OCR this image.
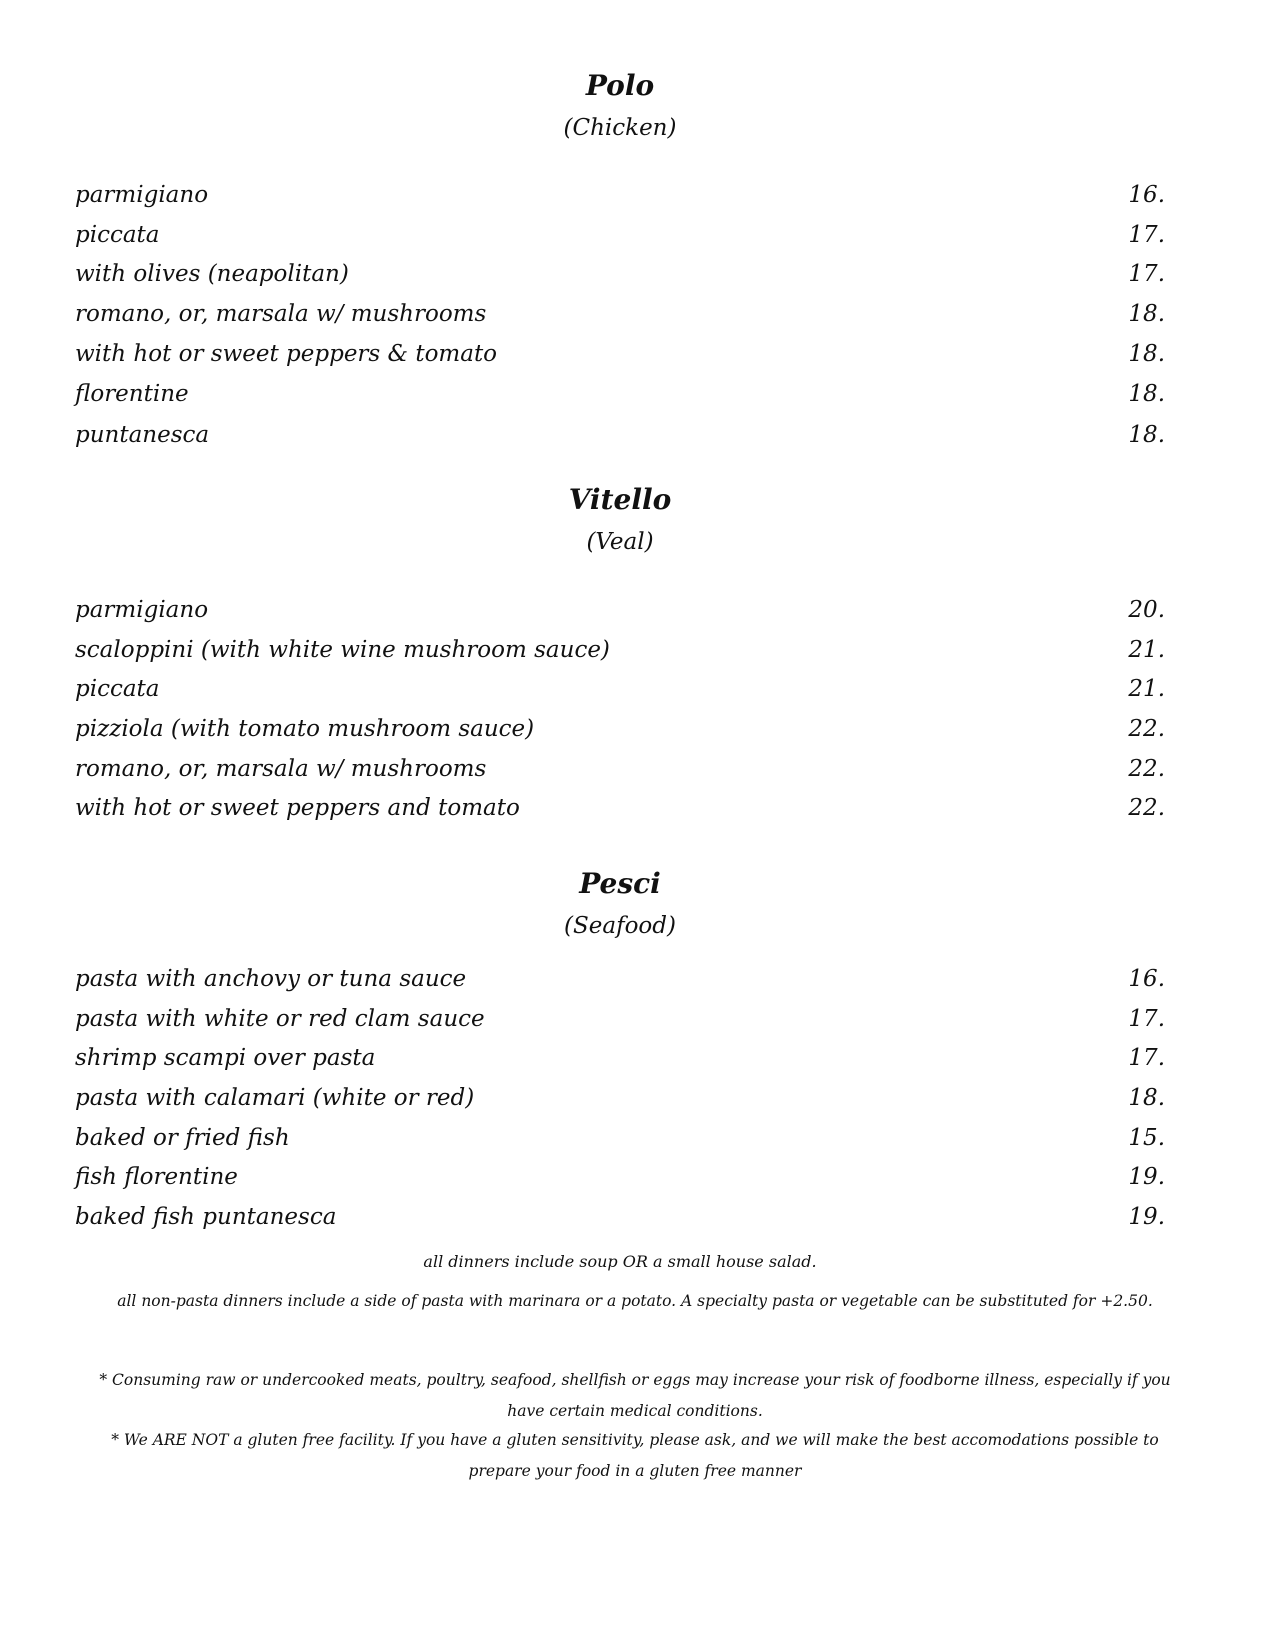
Polo
(Chicken)
parmigiano	16.
piccata	17.
with olives (neapolitan)	17.
romano, or, marsala w/ mushrooms	18.
with hot or sweet peppers & tomato	18.
florentine	18.
puntanesca	18.
Vitello
(Veal)
parmigiano	20.
scaloppini (with white wine mushroom sauce)	21.
piccata	21.
pizziola (with tomato mushroom sauce)	22.
romano, or, marsala w/ mushrooms	22.
with hot or sweet peppers and tomato	22.
Pesci
(Seafood)
pasta with anchovy or tuna sauce	16.
pasta with white or red clam sauce	17.
shrimp scampi over pasta	17.
pasta with calamari (white or red)	18.
baked or fried fish	15.
fish florentine	19.
baked fish puntanesca	19.
all dinners include soup OR a small house salad.
all non-pasta dinners include a side of pasta with marinara or a potato. A specialty pasta or vegetable can be substituted for +2.50.
* Consuming raw or undercooked meats, poultry, seafood, shellfish or eggs may increase your risk of foodborne illness, especially if you
have certain medical conditions.
* We ARE NOT a gluten free facility. If you have a gluten sensitivity, please ask, and we will make the best accomodations possible to
prepare your food in a gluten free manner
